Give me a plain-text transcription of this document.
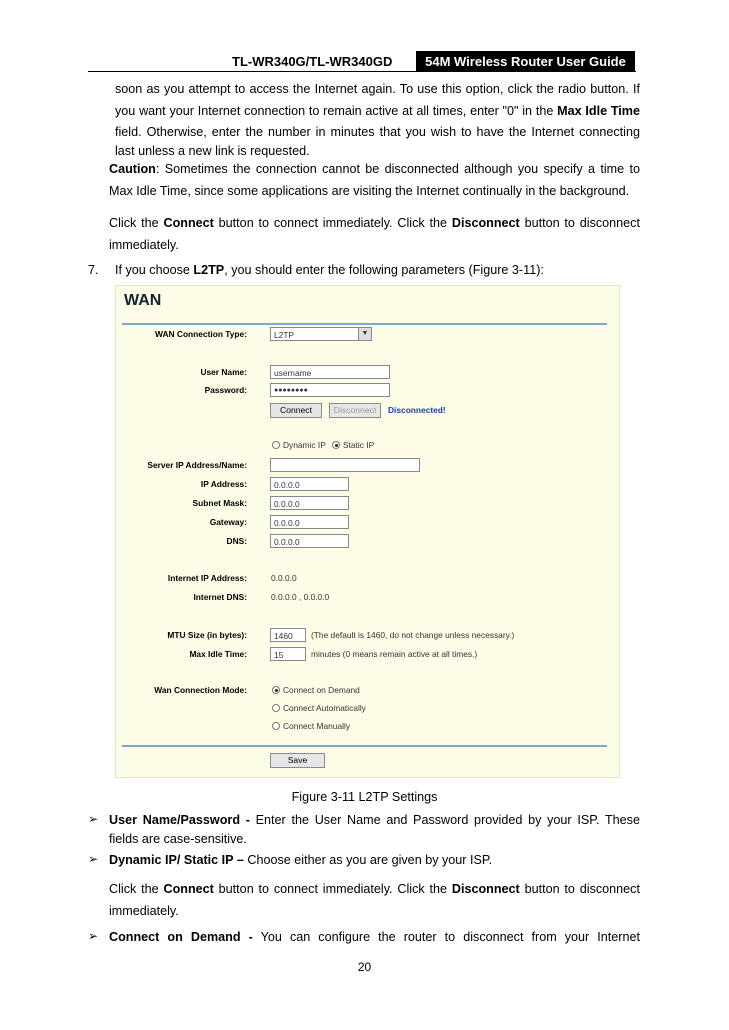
TL-WR340G/TL-WR340GD	54M Wireless Router User Guide
soon as you attempt to access the Internet again. To use this option, click the radio button. If
you want your Internet connection to remain active at all times, enter "0" in the Max Idle Time
field. Otherwise, enter the number in minutes that you wish to have the Internet connecting
last unless a new link is requested.
Caution: Sometimes the connection cannot be disconnected although you specify a time to
Max Idle Time, since some applications are visiting the Internet continually in the background.
Click the Connect button to connect immediately. Click the Disconnect button to disconnect
immediately.
7. If you choose L2TP, you should enter the following parameters (Figure 3-11):
WAN
WAN Connection Type:	L2TP	▼
User Name:	username
Password:	●●●●●●●●
Connect	Disconnect	Disconnected!
Dynamic IP	Static IP
Server IP Address/Name:
IP Address:	0.0.0.0
Subnet Mask:	0.0.0.0
Gateway:	0.0.0.0
DNS:	0.0.0.0
Internet IP Address:	0.0.0.0
Internet DNS:	0.0.0.0 , 0.0.0.0
MTU Size (in bytes):	1460	(The default is 1460, do not change unless necessary.)
Max Idle Time:	15	minutes (0 means remain active at all times.)
Wan Connection Mode:	Connect on Demand
Connect Automatically
Connect Manually
Save
Figure 3-11 L2TP Settings
➢ User Name/Password - Enter the User Name and Password provided by your ISP. These
fields are case-sensitive.
➢ Dynamic IP/ Static IP – Choose either as you are given by your ISP.
Click the Connect button to connect immediately. Click the Disconnect button to disconnect
immediately.
➢ Connect on Demand - You can configure the router to disconnect from your Internet
20
